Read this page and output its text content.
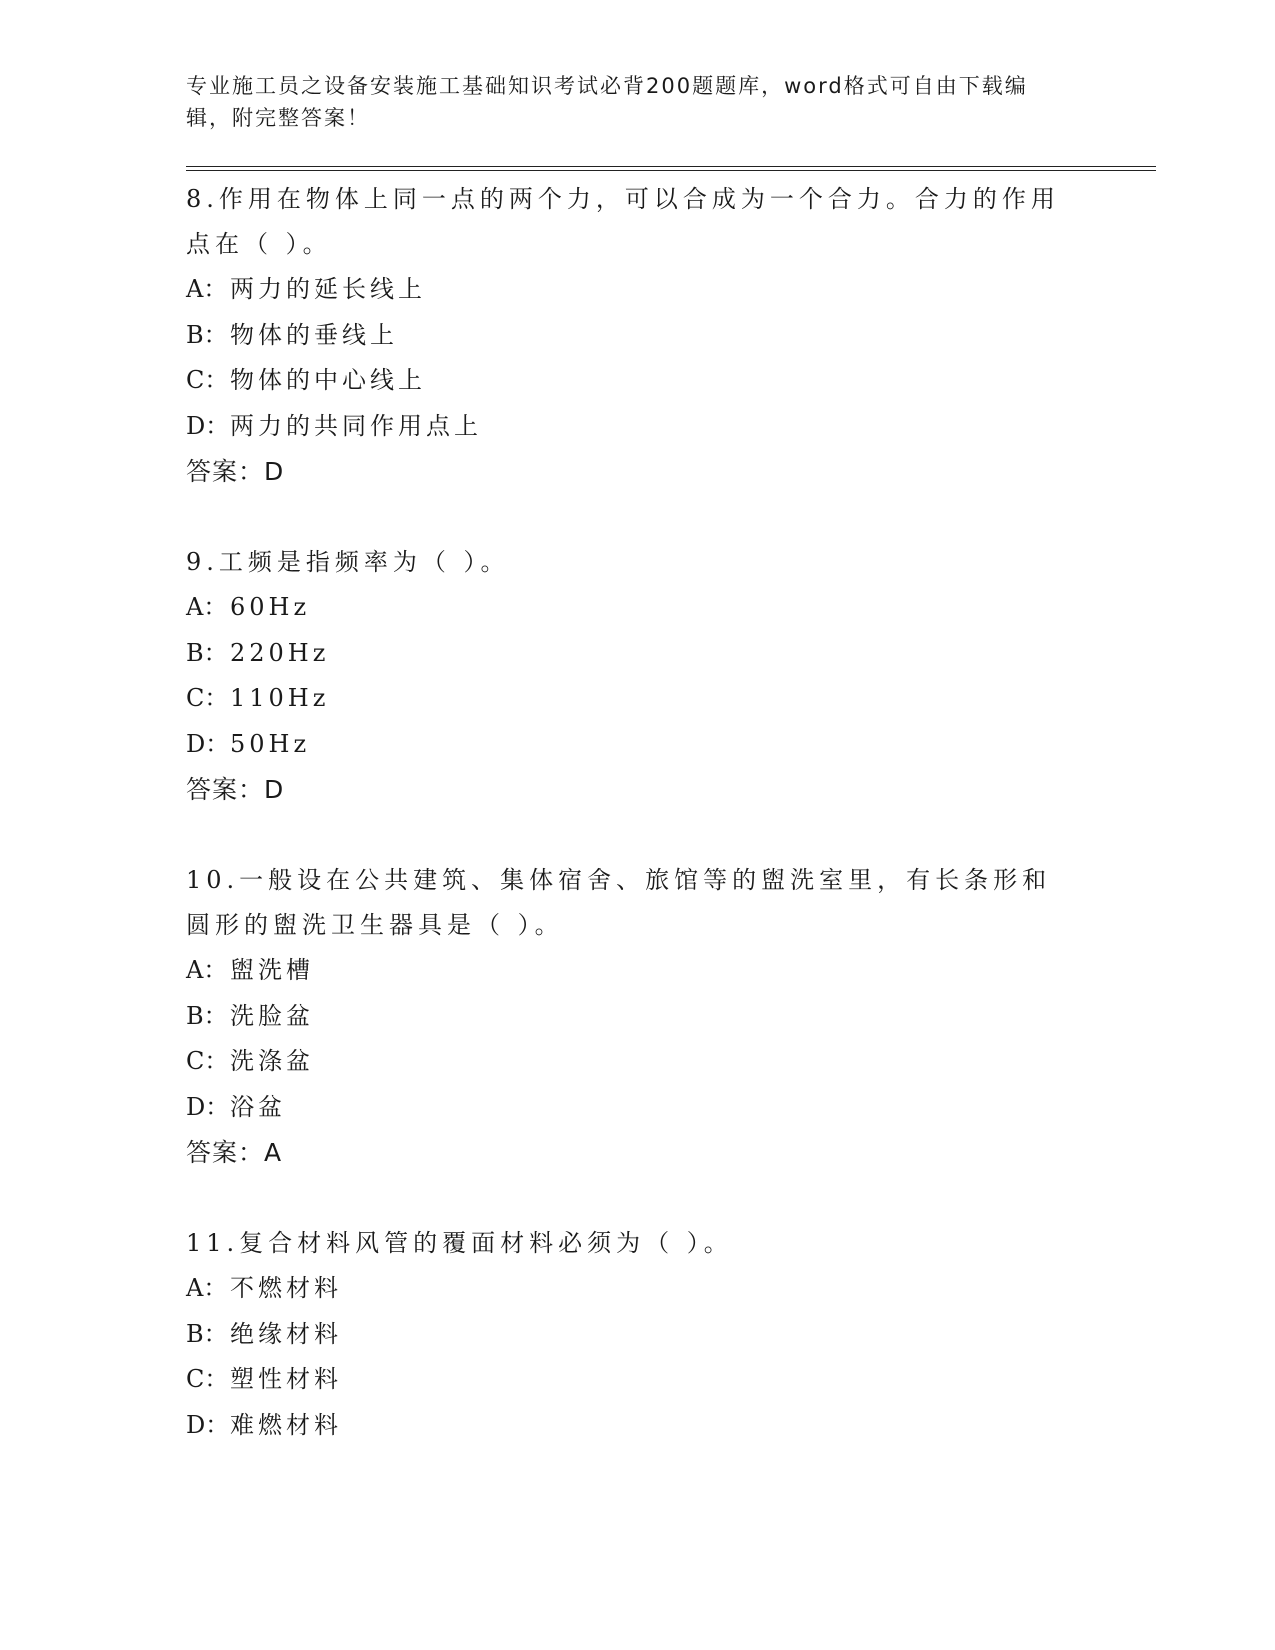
专业施工员之设备安装施工基础知识考试必背200题题库，word格式可自由下载编辑，附完整答案！

8.作用在物体上同一点的两个力，可以合成为一个合力。合力的作用点在（ ）。

A： 两力的延长线上

B： 物体的垂线上

C： 物体的中心线上

D： 两力的共同作用点上

答案：D

9.工频是指频率为（ ）。

A： 60Hz

B： 220Hz

C： 110Hz

D： 50Hz

答案：D

10.一般设在公共建筑、集体宿舍、旅馆等的盥洗室里，有长条形和圆形的盥洗卫生器具是（ ）。

A： 盥洗槽

B： 洗脸盆

C： 洗涤盆

D： 浴盆

答案：A

11.复合材料风管的覆面材料必须为（ ）。

A： 不燃材料

B： 绝缘材料

C： 塑性材料

D： 难燃材料
